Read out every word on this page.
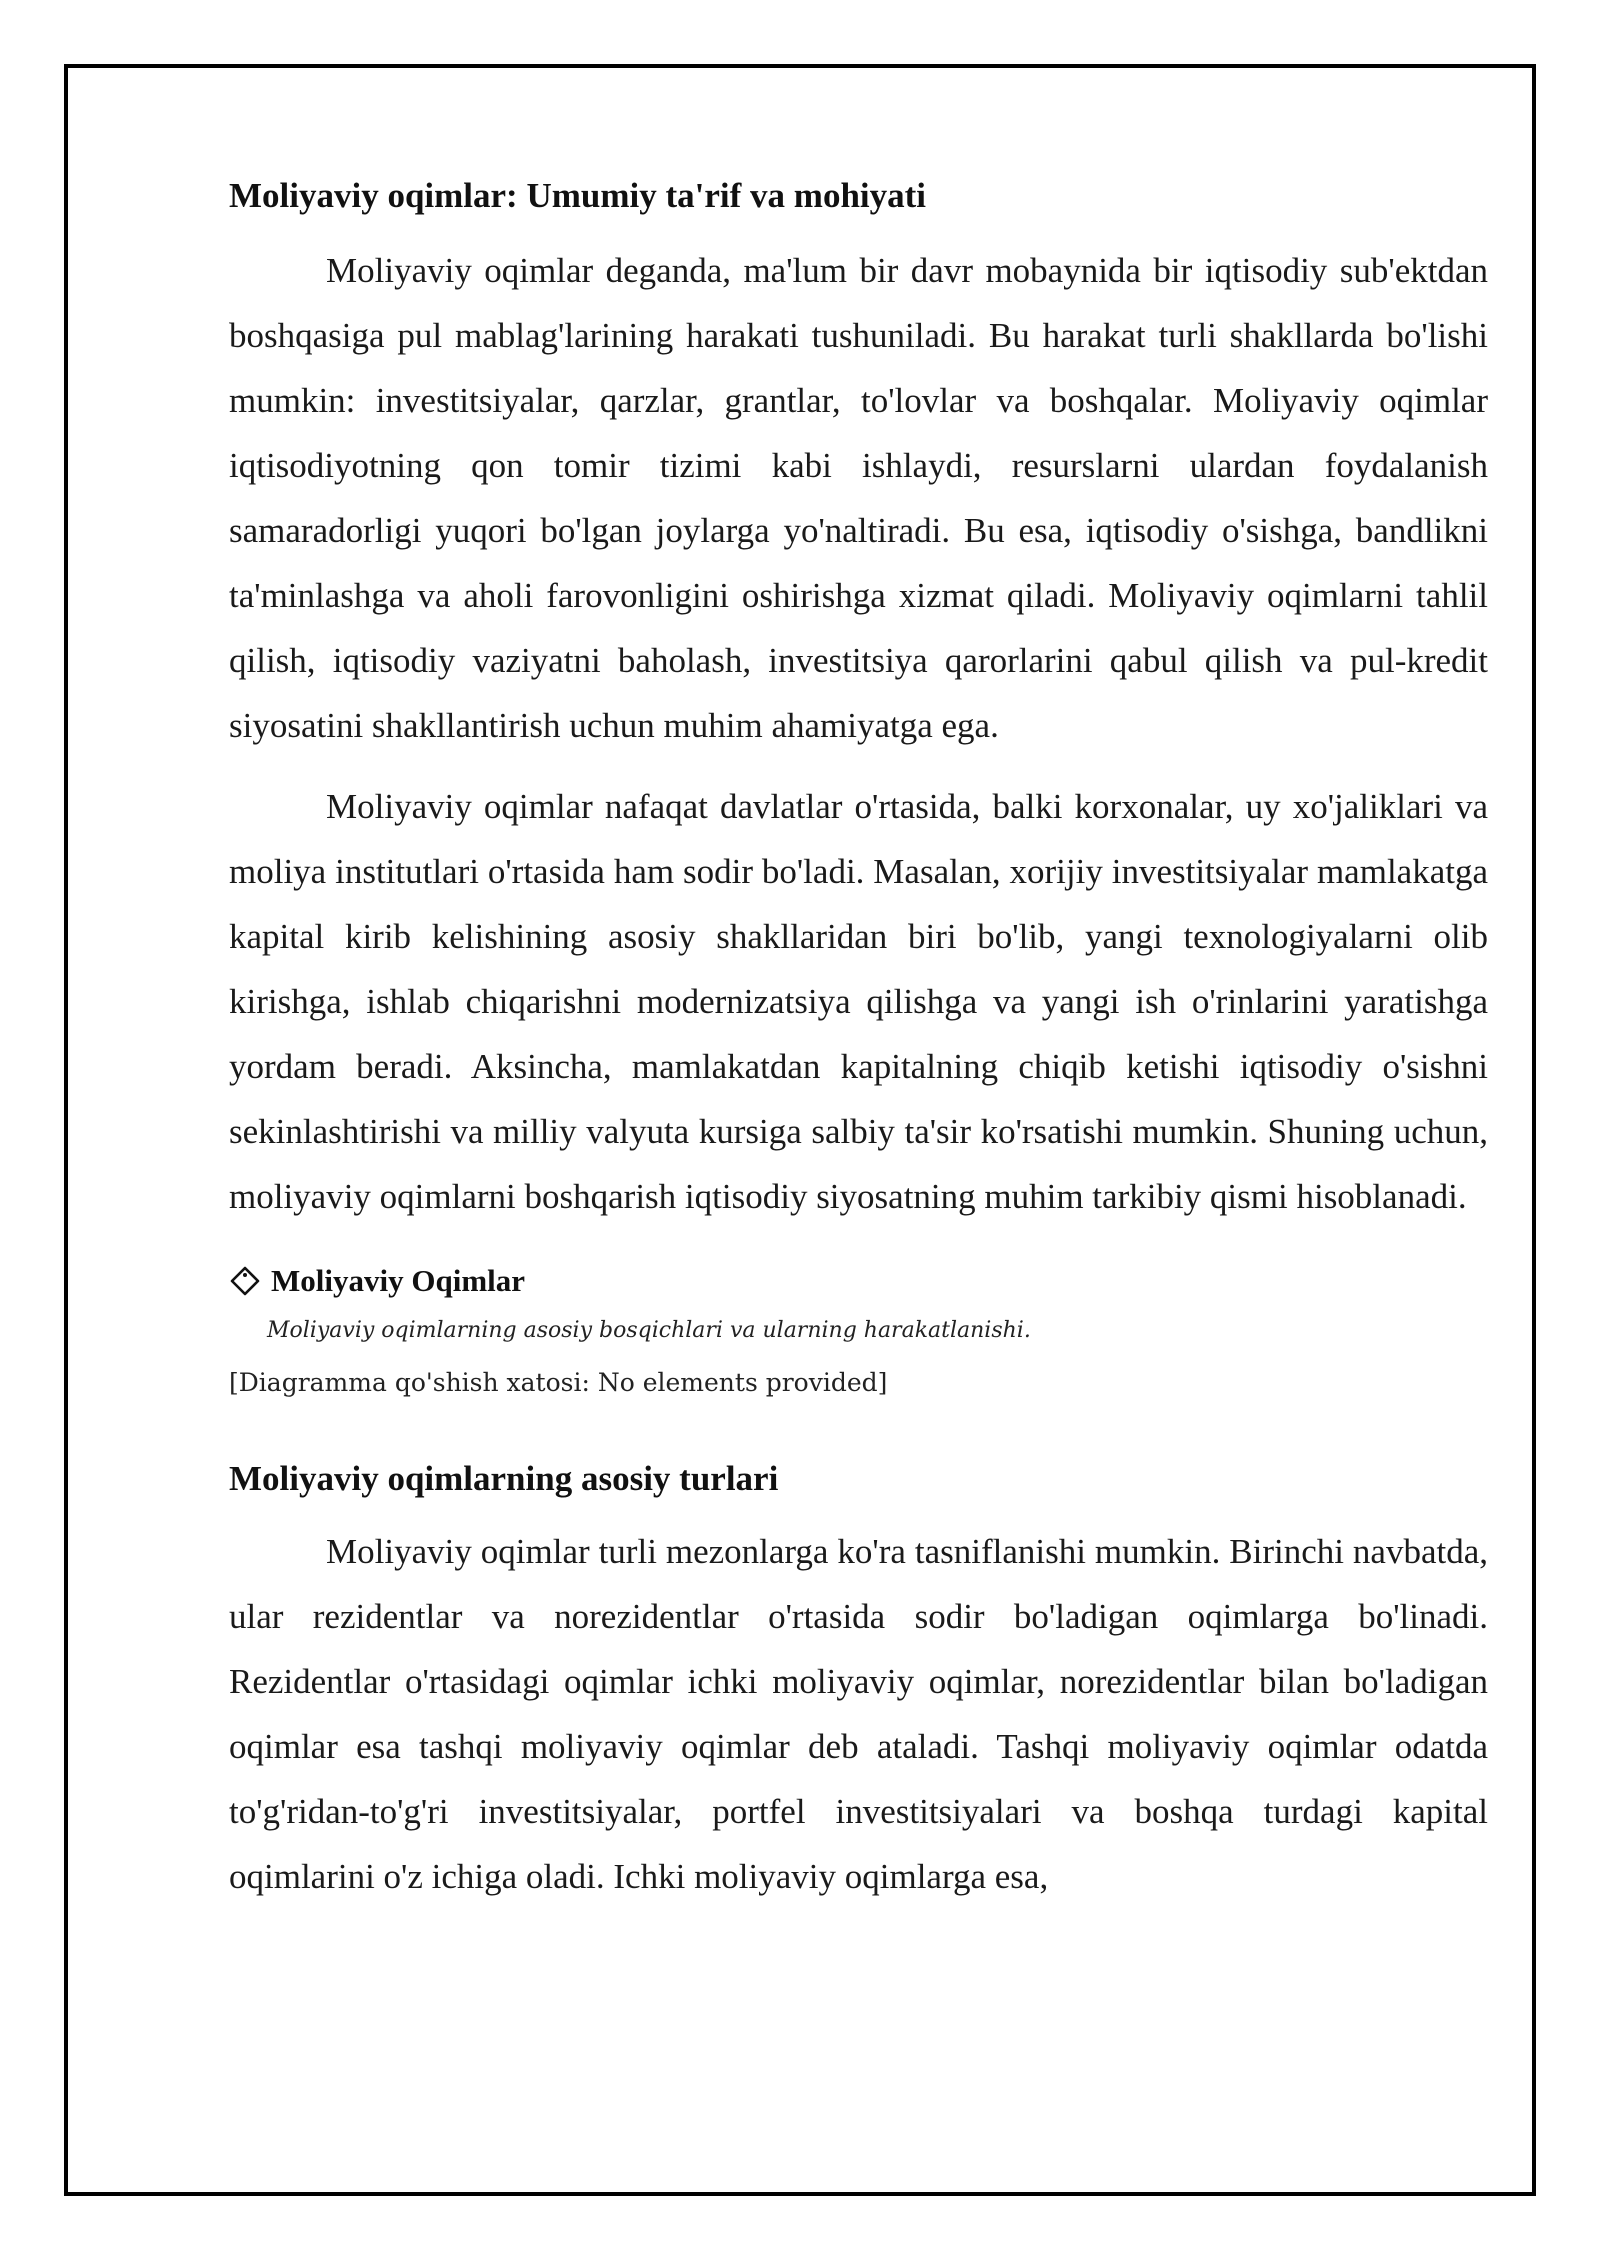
Moliyaviy oqimlar: Umumiy ta'rif va mohiyati

Moliyaviy oqimlar deganda, ma'lum bir davr mobaynida bir iqtisodiy sub'ektdan boshqasiga pul mablag'larining harakati tushuniladi. Bu harakat turli shakllarda bo'lishi mumkin: investitsiyalar, qarzlar, grantlar, to'lovlar va boshqalar. Moliyaviy oqimlar iqtisodiyotning qon tomir tizimi kabi ishlaydi, resurslarni ulardan foydalanish samaradorligi yuqori bo'lgan joylarga yo'naltiradi. Bu esa, iqtisodiy o'sishga, bandlikni ta'minlashga va aholi farovonligini oshirishga xizmat qiladi. Moliyaviy oqimlarni tahlil qilish, iqtisodiy vaziyatni baholash, investitsiya qarorlarini qabul qilish va pul-kredit siyosatini shakllantirish uchun muhim ahamiyatga ega.

Moliyaviy oqimlar nafaqat davlatlar o'rtasida, balki korxonalar, uy xo'jaliklari va moliya institutlari o'rtasida ham sodir bo'ladi. Masalan, xorijiy investitsiyalar mamlakatga kapital kirib kelishining asosiy shakllaridan biri bo'lib, yangi texnologiyalarni olib kirishga, ishlab chiqarishni modernizatsiya qilishga va yangi ish o'rinlarini yaratishga yordam beradi. Aksincha, mamlakatdan kapitalning chiqib ketishi iqtisodiy o'sishni sekinlashtirishi va milliy valyuta kursiga salbiy ta'sir ko'rsatishi mumkin. Shuning uchun, moliyaviy oqimlarni boshqarish iqtisodiy siyosatning muhim tarkibiy qismi hisoblanadi.

Moliyaviy Oqimlar
Moliyaviy oqimlarning asosiy bosqichlari va ularning harakatlanishi.
[Diagramma qo'shish xatosi: No elements provided]
Moliyaviy oqimlarning asosiy turlari

Moliyaviy oqimlar turli mezonlarga ko'ra tasniflanishi mumkin. Birinchi navbatda, ular rezidentlar va norezidentlar o'rtasida sodir bo'ladigan oqimlarga bo'linadi. Rezidentlar o'rtasidagi oqimlar ichki moliyaviy oqimlar, norezidentlar bilan bo'ladigan oqimlar esa tashqi moliyaviy oqimlar deb ataladi. Tashqi moliyaviy oqimlar odatda to'g'ridan-to'g'ri investitsiyalar, portfel investitsiyalari va boshqa turdagi kapital oqimlarini o'z ichiga oladi. Ichki moliyaviy oqimlarga esa,
